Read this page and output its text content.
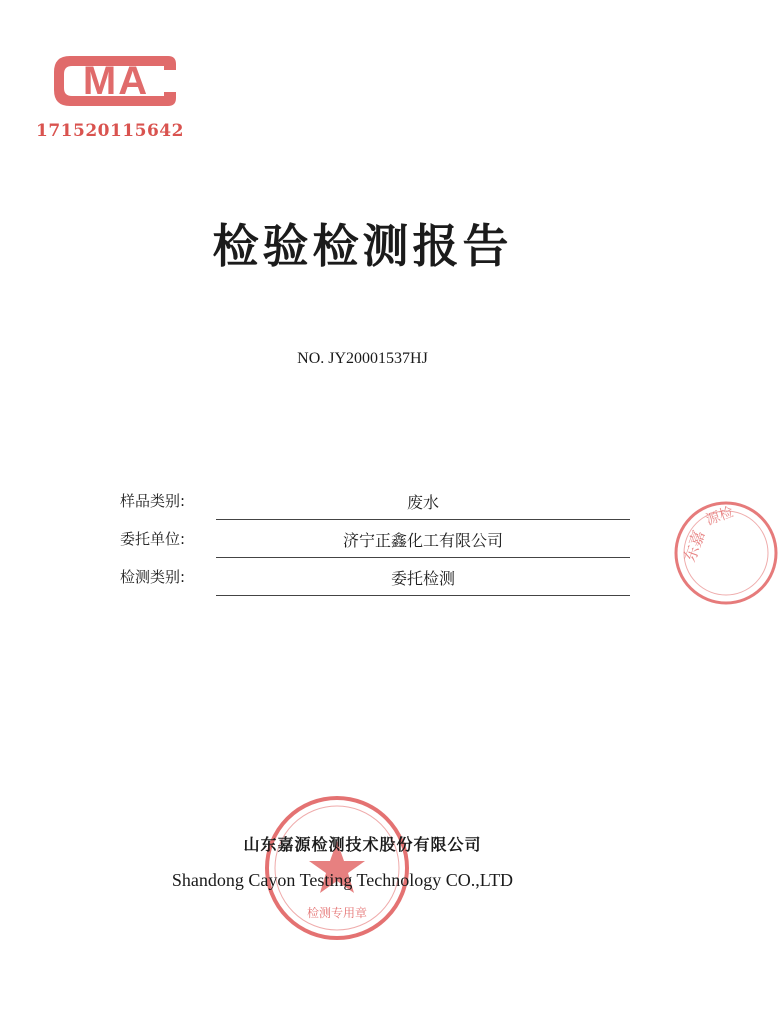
MA
171520115642
检验检测报告
NO. JY20001537HJ
样品类别:	废水
委托单位:	济宁正鑫化工有限公司
检测类别:	委托检测
东嘉
源检
检测专用章
山东嘉源检测技术股份有限公司
Shandong Cayon Testing Technology CO.,LTD
